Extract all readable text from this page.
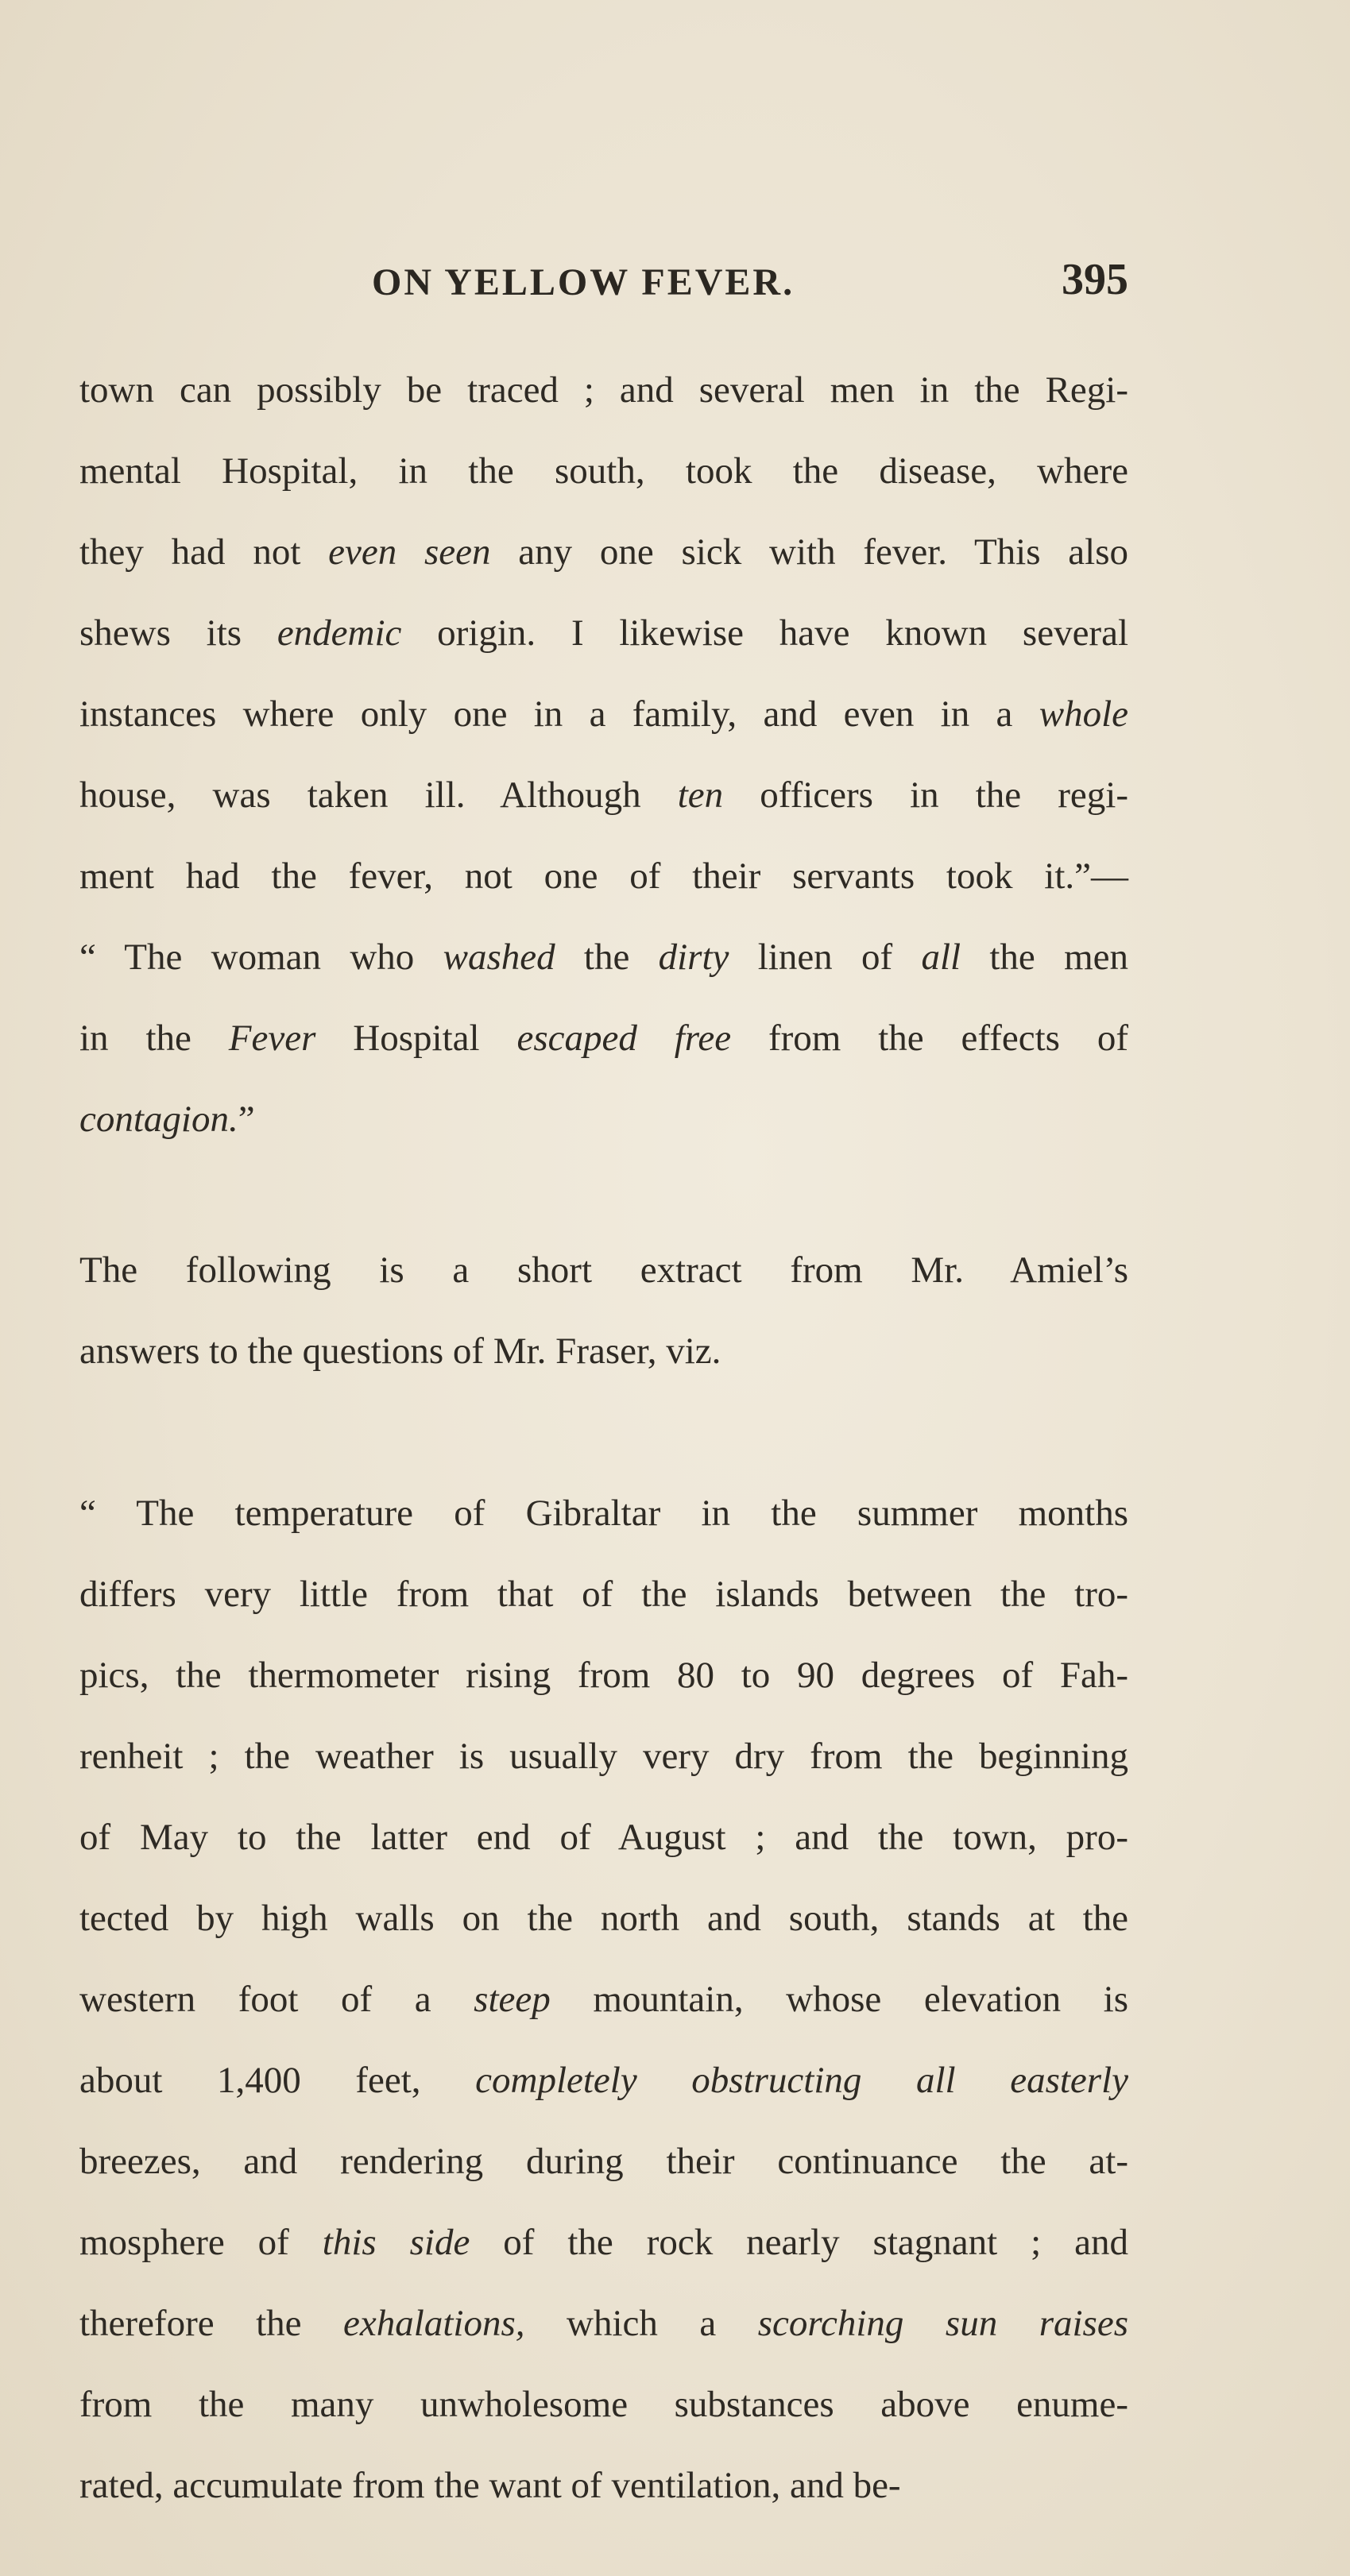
ON YELLOW FEVER.	395
town can possibly be traced ; and several men in the Regi-
mental Hospital, in the south, took the disease, where
they had not even seen any one sick with fever. This also
shews its endemic origin. I likewise have known several
instances where only one in a family, and even in a whole
house, was taken ill. Although ten officers in the regi-
ment had the fever, not one of their servants took it.”—
“ The woman who washed the dirty linen of all the men
in the Fever Hospital escaped free from the effects of
contagion.”
The following is a short extract from Mr. Amiel’s
answers to the questions of Mr. Fraser, viz.
“ The temperature of Gibraltar in the summer months
differs very little from that of the islands between the tro-
pics, the thermometer rising from 80 to 90 degrees of Fah-
renheit ; the weather is usually very dry from the beginning
of May to the latter end of August ; and the town, pro-
tected by high walls on the north and south, stands at the
western foot of a steep mountain, whose elevation is
about 1,400 feet, completely obstructing all easterly
breezes, and rendering during their continuance the at-
mosphere of this side of the rock nearly stagnant ; and
therefore the exhalations, which a scorching sun raises
from the many unwholesome substances above enume-
rated, accumulate from the want of ventilation, and be-
